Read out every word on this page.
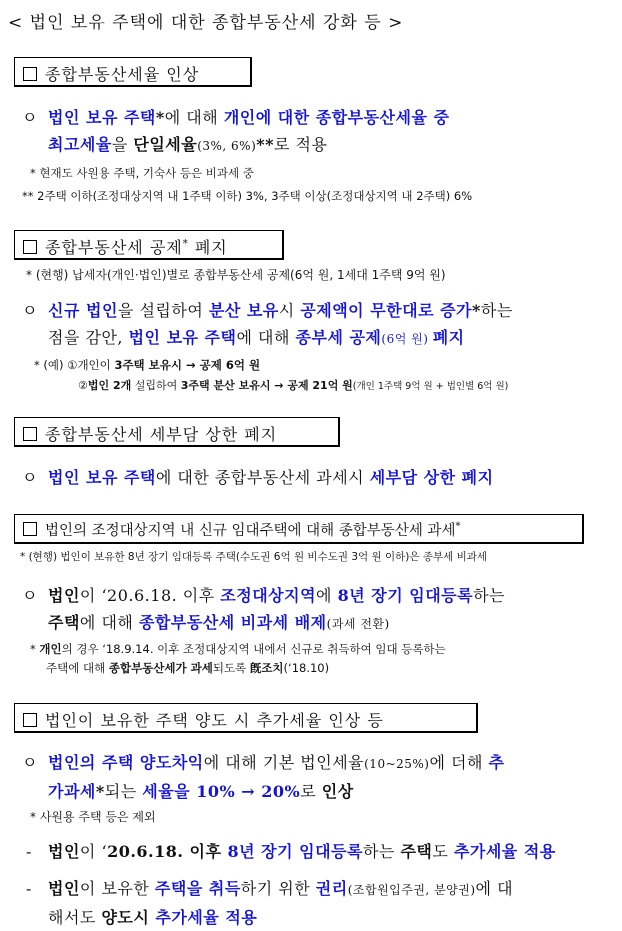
< 법인 보유 주택에 대한 종합부동산세 강화 등 >
종합부동산세율 인상
ㅇ 법인 보유 주택*에 대해 개인에 대한 종합부동산세율 중
최고세율을 단일세율(3%, 6%)**로 적용
* 현재도 사원용 주택, 기숙사 등은 비과세 중
** 2주택 이하(조정대상지역 내 1주택 이하) 3%, 3주택 이상(조정대상지역 내 2주택) 6%
종합부동산세 공제* 폐지
* (현행) 납세자(개인·법인)별로 종합부동산세 공제(6억 원, 1세대 1주택 9억 원)
ㅇ 신규 법인을 설립하여 분산 보유시 공제액이 무한대로 증가*하는
점을 감안, 법인 보유 주택에 대해 종부세 공제(6억 원) 폐지
* (예) ①개인이 3주택 보유시 → 공제 6억 원
②법인 2개 설립하여 3주택 분산 보유시 → 공제 21억 원(개인 1주택 9억 원 + 법인별 6억 원)
종합부동산세 세부담 상한 폐지
ㅇ 법인 보유 주택에 대한 종합부동산세 과세시 세부담 상한 폐지
법인의 조정대상지역 내 신규 임대주택에 대해 종합부동산세 과세*
* (현행) 법인이 보유한 8년 장기 임대등록 주택(수도권 6억 원 비수도권 3억 원 이하)은 종부세 비과세
ㅇ 법인이 ‘20.6.18. 이후 조정대상지역에 8년 장기 임대등록하는
주택에 대해 종합부동산세 비과세 배제(과세 전환)
* 개인의 경우 ‘18.9.14. 이후 조정대상지역 내에서 신규로 취득하여 임대 등록하는
주택에 대해 종합부동산세가 과세되도록 旣조치(‘18.10)
법인이 보유한 주택 양도 시 추가세율 인상 등
ㅇ 법인의 주택 양도차익에 대해 기본 법인세율(10~25%)에 더해 추
가과세*되는 세율을 10% → 20%로 인상
* 사원용 주택 등은 제외
- 법인이 ‘20.6.18. 이후 8년 장기 임대등록하는 주택도 추가세율 적용
- 법인이 보유한 주택을 취득하기 위한 권리(조합원입주권, 분양권)에 대
해서도 양도시 추가세율 적용
